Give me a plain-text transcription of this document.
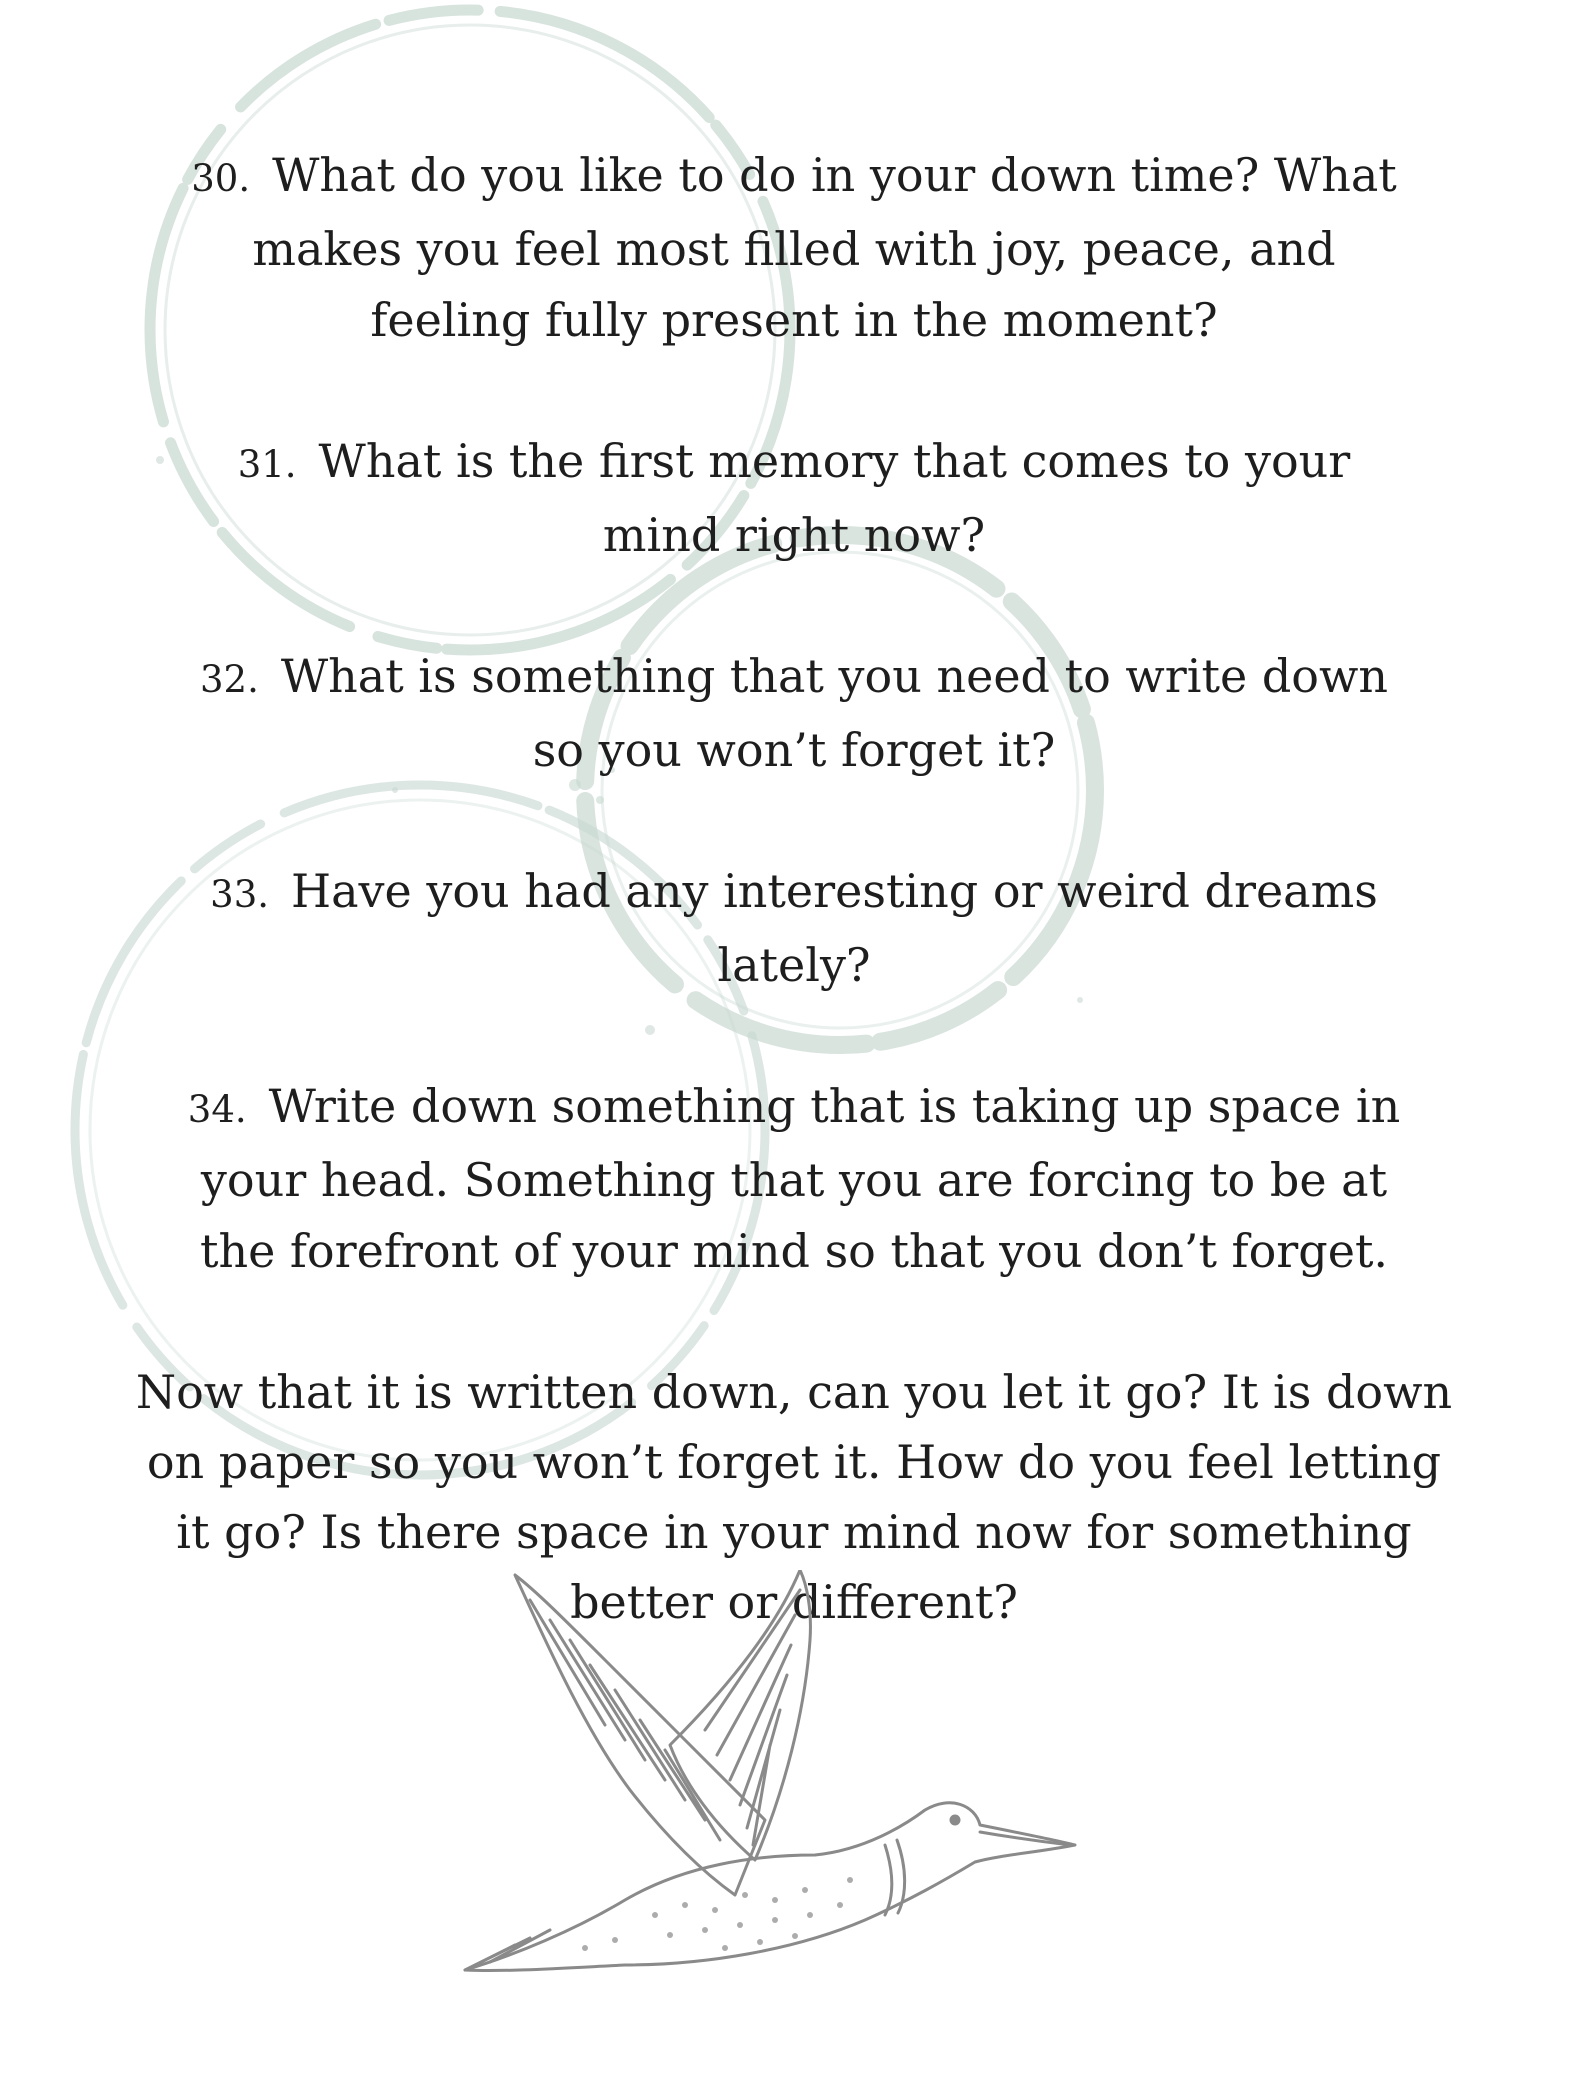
30. What do you like to do in your down time? What makes you feel most filled with joy, peace, and feeling fully present in the moment?

31. What is the first memory that comes to your mind right now?

32. What is something that you need to write down so you won’t forget it?

33. Have you had any interesting or weird dreams lately?

34. Write down something that is taking up space in your head. Something that you are forcing to be at the forefront of your mind so that you don’t forget.

Now that it is written down, can you let it go? It is down on paper so you won’t forget it. How do you feel letting it go? Is there space in your mind now for something better or different?
